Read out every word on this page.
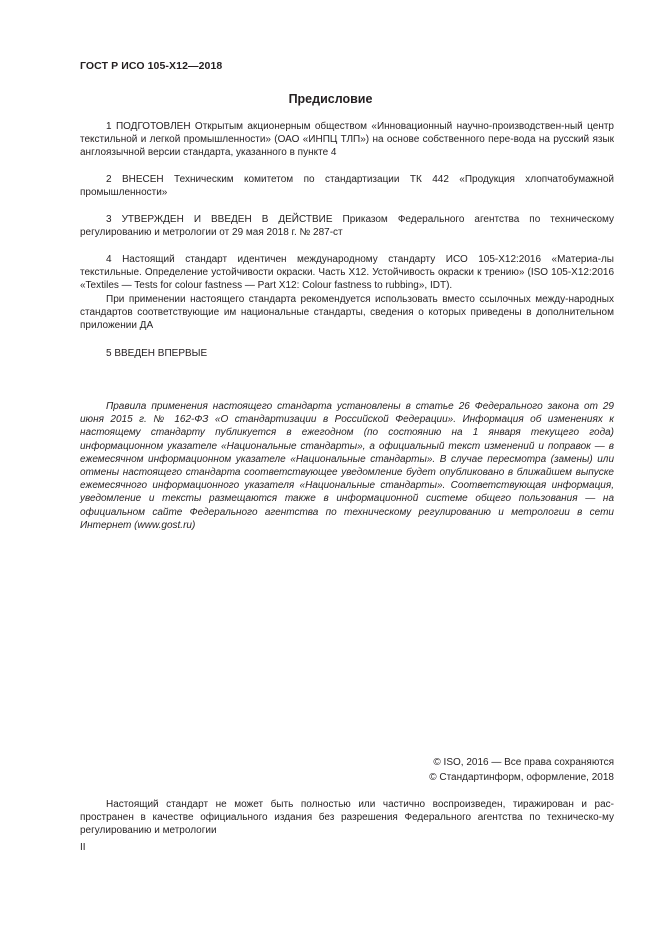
ГОСТ Р ИСО 105-X12—2018
Предисловие

1 ПОДГОТОВЛЕН Открытым акционерным обществом «Инновационный научно-производствен-ный центр текстильной и легкой промышленности» (ОАО «ИНПЦ ТЛП») на основе собственного пере-вода на русский язык англоязычной версии стандарта, указанного в пункте 4

2 ВНЕСЕН Техническим комитетом по стандартизации ТК 442 «Продукция хлопчатобумажной промышленности»

3 УТВЕРЖДЕН И ВВЕДЕН В ДЕЙСТВИЕ Приказом Федерального агентства по техническому регулированию и метрологии от 29 мая 2018 г. № 287-ст

4 Настоящий стандарт идентичен международному стандарту ИСО 105-X12:2016 «Материа-лы текстильные. Определение устойчивости окраски. Часть X12. Устойчивость окраски к трению» (ISO 105-X12:2016 «Textiles — Tests for colour fastness — Part X12: Colour fastness to rubbing», IDT).

При применении настоящего стандарта рекомендуется использовать вместо ссылочных между-народных стандартов соответствующие им национальные стандарты, сведения о которых приведены в дополнительном приложении ДА

5 ВВЕДЕН ВПЕРВЫЕ

Правила применения настоящего стандарта установлены в статье 26 Федерального закона от 29 июня 2015 г. № 162-ФЗ «О стандартизации в Российской Федерации». Информация об изменениях к настоящему стандарту публикуется в ежегодном (по состоянию на 1 января текущего года) информационном указателе «Национальные стандарты», а официальный текст изменений и поправок — в ежемесячном информационном указателе «Национальные стандарты». В случае пересмотра (замены) или отмены настоящего стандарта соответствующее уведомление будет опубликовано в ближайшем выпуске ежемесячного информационного указателя «Национальные стандарты». Соответствующая информация, уведомление и тексты размещаются также в информационной системе общего пользования — на официальном сайте Федерального агентства по техническому регулированию и метрологии в сети Интернет (www.gost.ru)

© ISO, 2016 — Все права сохраняются
© Стандартинформ, оформление, 2018

Настоящий стандарт не может быть полностью или частично воспроизведен, тиражирован и рас-пространен в качестве официального издания без разрешения Федерального агентства по техническо-му регулированию и метрологии

II
